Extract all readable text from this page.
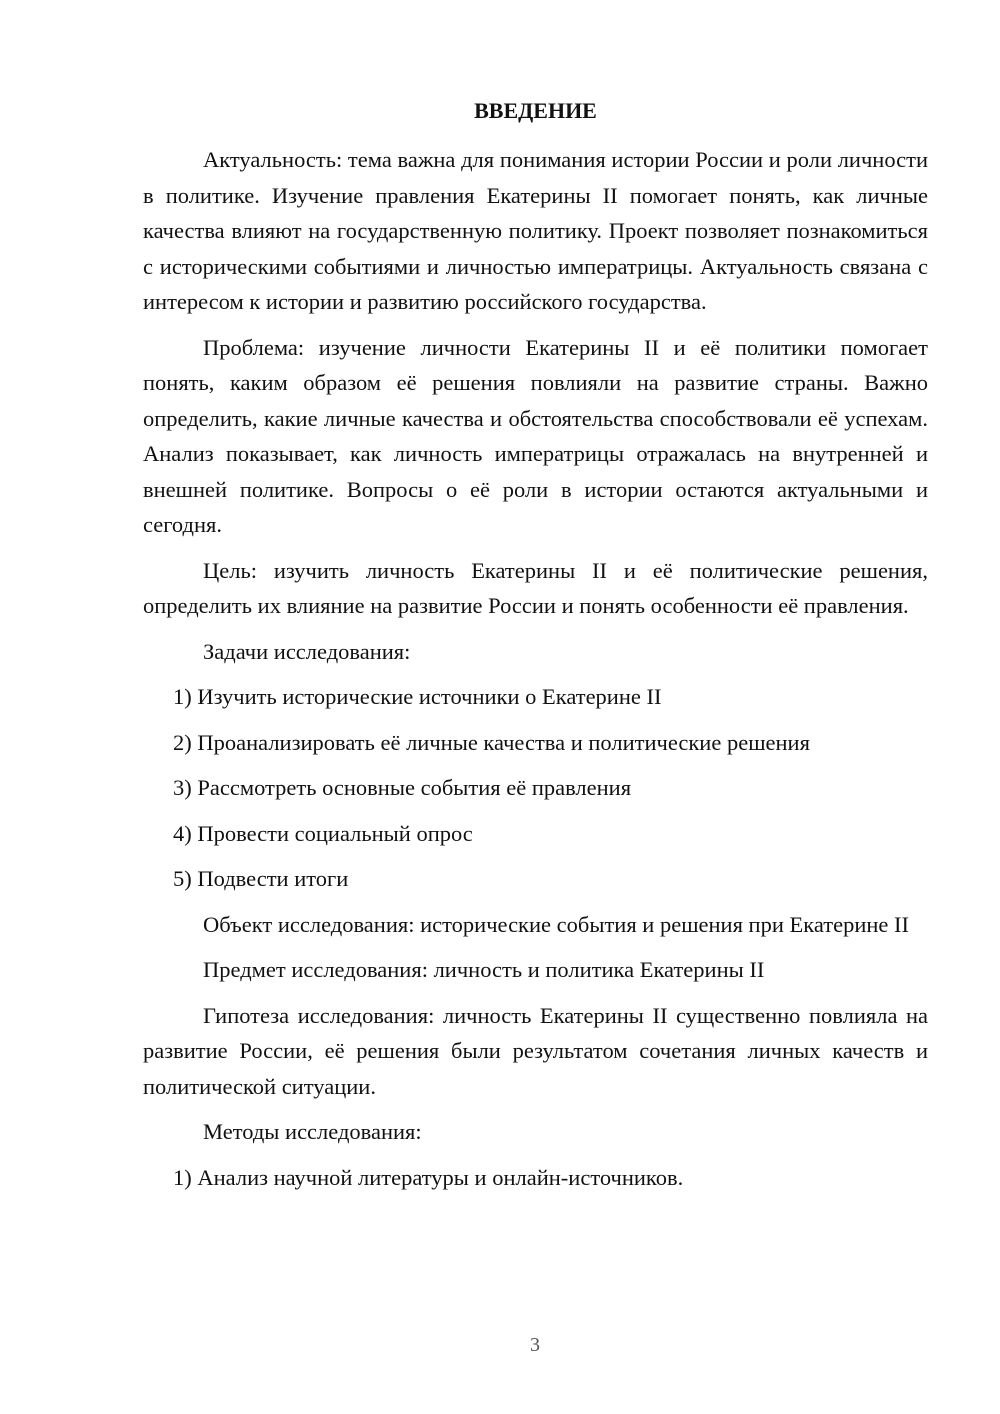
ВВЕДЕНИЕ

Актуальность: тема важна для понимания истории России и роли личности в политике. Изучение правления Екатерины II помогает понять, как личные качества влияют на государственную политику. Проект позволяет познакомиться с историческими событиями и личностью императрицы. Актуальность связана с интересом к истории и развитию российского государства.

Проблема: изучение личности Екатерины II и её политики помогает понять, каким образом её решения повлияли на развитие страны. Важно определить, какие личные качества и обстоятельства способствовали её успехам. Анализ показывает, как личность императрицы отражалась на внутренней и внешней политике. Вопросы о её роли в истории остаются актуальными и сегодня.

Цель: изучить личность Екатерины II и её политические решения, определить их влияние на развитие России и понять особенности её правления.

Задачи исследования:

1) Изучить исторические источники о Екатерине II
2) Проанализировать её личные качества и политические решения
3) Рассмотреть основные события её правления
4) Провести социальный опрос
5) Подвести итоги

Объект исследования: исторические события и решения при Екатерине II

Предмет исследования: личность и политика Екатерины II

Гипотеза исследования: личность Екатерины II существенно повлияла на развитие России, её решения были результатом сочетания личных качеств и политической ситуации.

Методы исследования:

1) Анализ научной литературы и онлайн-источников.
3
